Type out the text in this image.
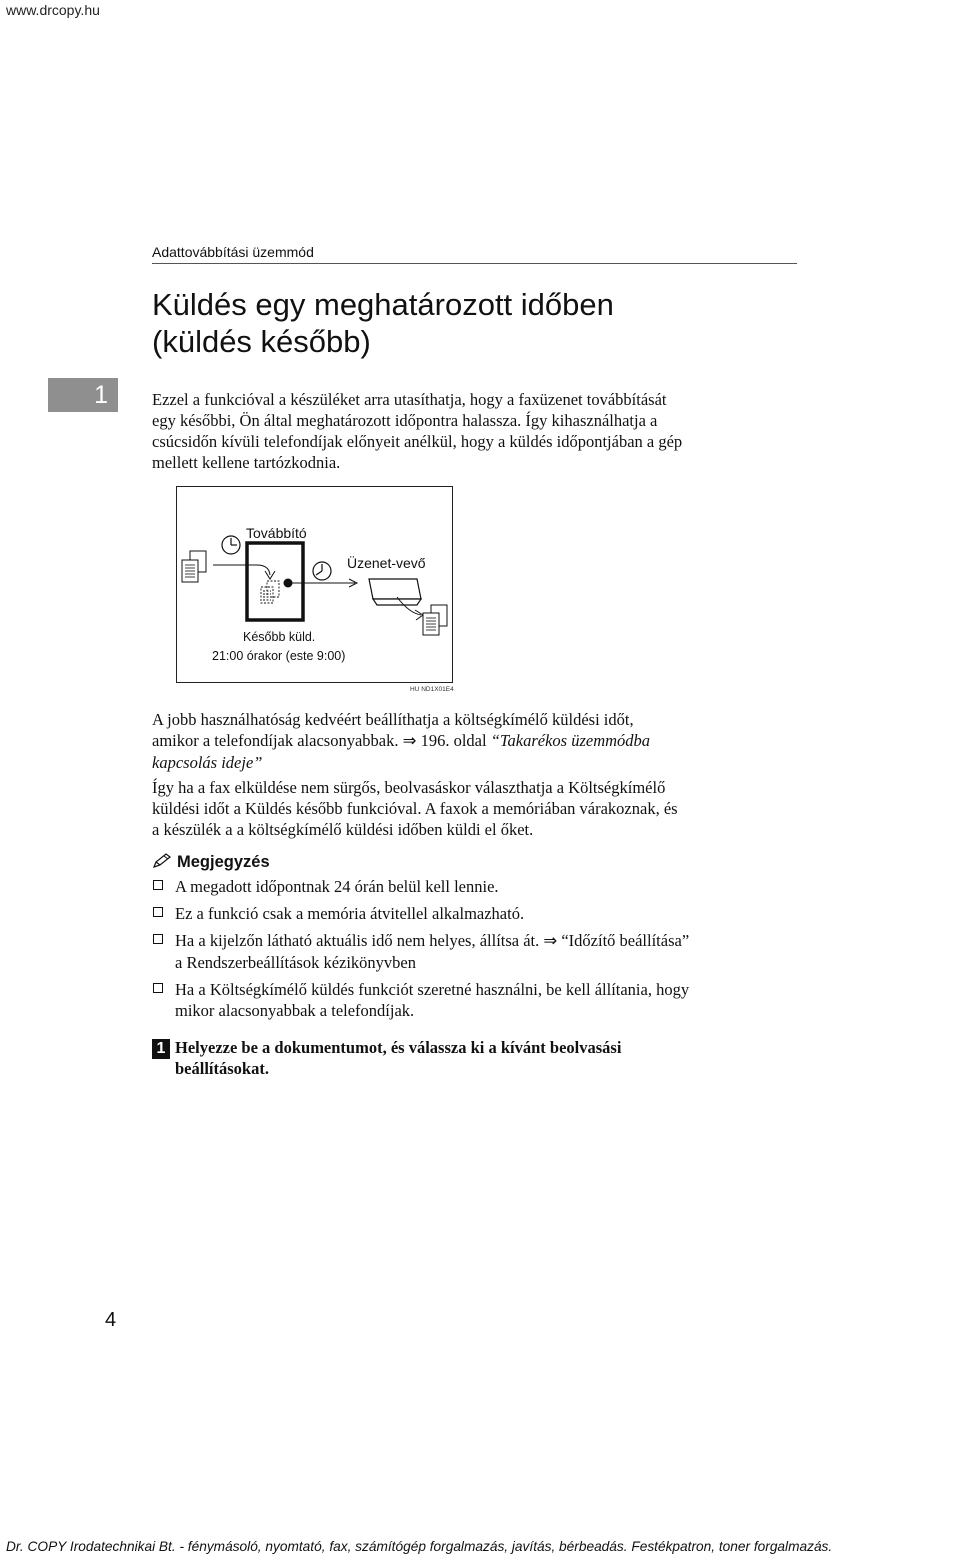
www.drcopy.hu
Adattovábbítási üzemmód
Küldés egy meghatározott időben
(küldés később)
1	Ezzel a funkcióval a készüléket arra utasíthatja, hogy a faxüzenet továbbítását
egy későbbi, Ön által meghatározott időpontra halassza. Így kihasználhatja a
csúcsidőn kívüli telefondíjak előnyeit anélkül, hogy a küldés időpontjában a gép
mellett kellene tartózkodnia.

Továbbító
Üzenet-vevő
Később küld.
21:00 órakor (este 9:00)
HU ND1X01E4

A jobb használhatóság kedvéért beállíthatja a költségkímélő küldési időt,
amikor a telefondíjak alacsonyabbak. ⇒ 196. oldal “Takarékos üzemmódba
kapcsolás ideje”

Így ha a fax elküldése nem sürgős, beolvasáskor választhatja a Költségkímélő
küldési időt a Küldés később funkcióval. A faxok a memóriában várakoznak, és
a készülék a a költségkímélő küldési időben küldi el őket.

Megjegyzés
A megadott időpontnak 24 órán belül kell lennie.
Ez a funkció csak a memória átvitellel alkalmazható.
Ha a kijelzőn látható aktuális idő nem helyes, állítsa át. ⇒ “Időzítő beállítása”
a Rendszerbeállítások kézikönyvben
Ha a Költségkímélő küldés funkciót szeretné használni, be kell állítania, hogy
mikor alacsonyabbak a telefondíjak.
1 Helyezze be a dokumentumot, és válassza ki a kívánt beolvasási
beállításokat.
4
Dr. COPY Irodatechnikai Bt. - fénymásoló, nyomtató, fax, számítógép forgalmazás, javítás, bérbeadás. Festékpatron, toner forgalmazás.
